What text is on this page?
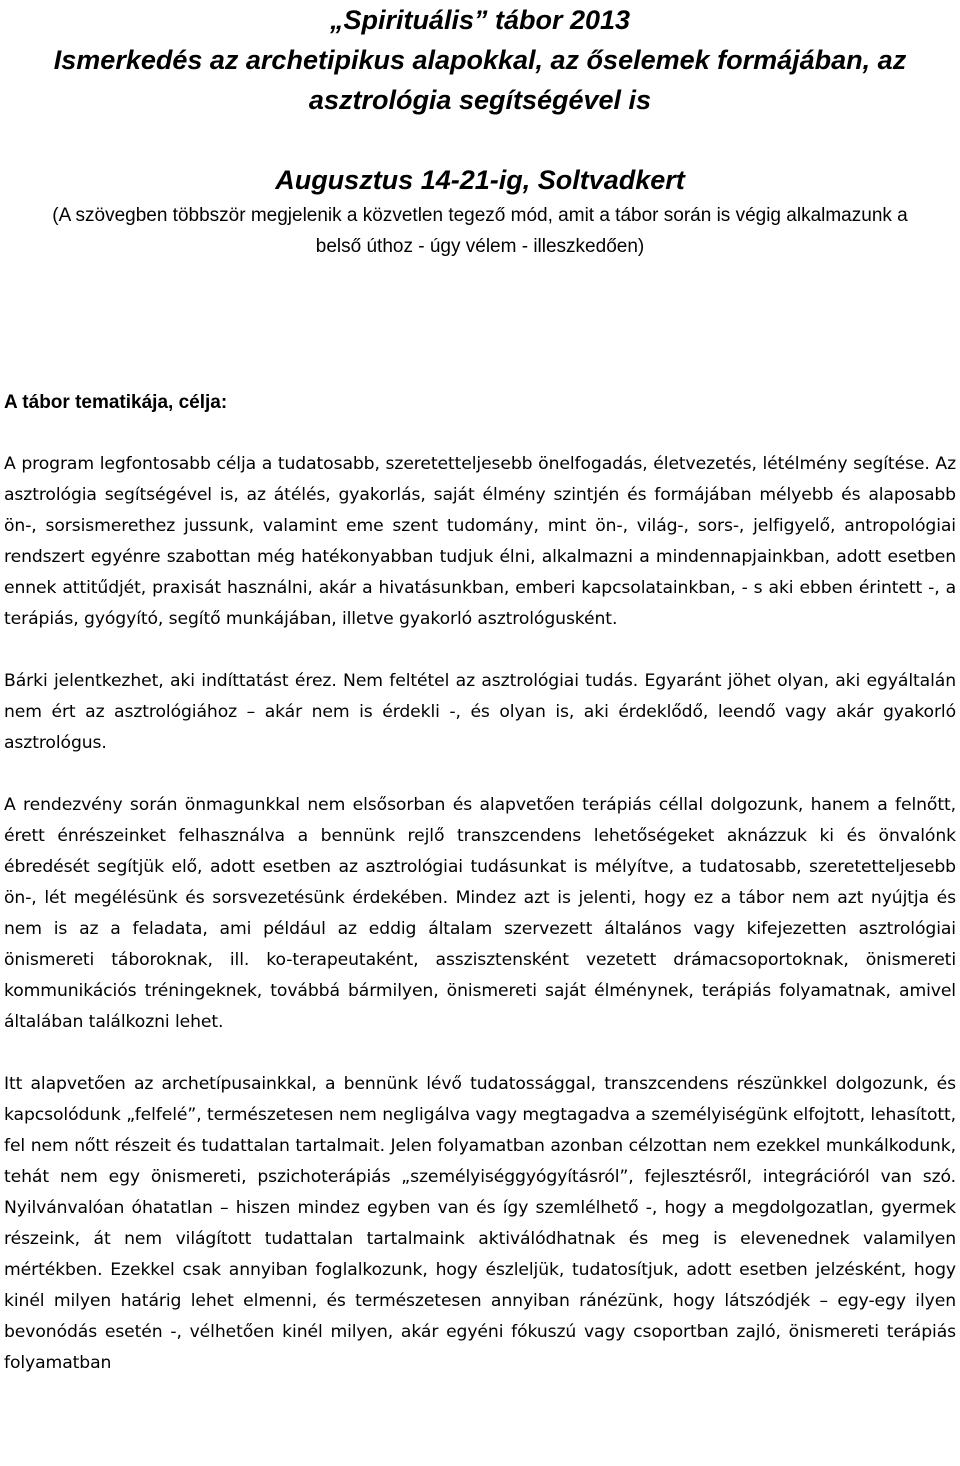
„Spirituális” tábor 2013
Ismerkedés az archetipikus alapokkal, az őselemek formájában, az
asztrológia segítségével is
Augusztus 14-21-ig, Soltvadkert
(A szövegben többször megjelenik a közvetlen tegező mód, amit a tábor során is végig alkalmazunk a belső úthoz - úgy vélem - illeszkedően)
A tábor tematikája, célja:

A program legfontosabb célja a tudatosabb, szeretetteljesebb önelfogadás, életvezetés, létélmény segítése. Az asztrológia segítségével is, az átélés, gyakorlás, saját élmény szintjén és formájában mélyebb és alaposabb ön-, sorsismerethez jussunk, valamint eme szent tudomány, mint ön-, világ-, sors-, jelfigyelő, antropológiai rendszert egyénre szabottan még hatékonyabban tudjuk élni, alkalmazni a mindennapjainkban, adott esetben ennek attitűdjét, praxisát használni, akár a hivatásunkban, emberi kapcsolatainkban, - s aki ebben érintett -, a terápiás, gyógyító, segítő munkájában, illetve gyakorló asztrológusként.

Bárki jelentkezhet, aki indíttatást érez. Nem feltétel az asztrológiai tudás. Egyaránt jöhet olyan, aki egyáltalán nem ért az asztrológiához – akár nem is érdekli -, és olyan is, aki érdeklődő, leendő vagy akár gyakorló asztrológus.

A rendezvény során önmagunkkal nem elsősorban és alapvetően terápiás céllal dolgozunk, hanem a felnőtt, érett énrészeinket felhasználva a bennünk rejlő transzcendens lehetőségeket aknázzuk ki és önvalónk ébredését segítjük elő, adott esetben az asztrológiai tudásunkat is mélyítve, a tudatosabb, szeretetteljesebb ön-, lét megélésünk és sorsvezetésünk érdekében. Mindez azt is jelenti, hogy ez a tábor nem azt nyújtja és nem is az a feladata, ami például az eddig általam szervezett általános vagy kifejezetten asztrológiai önismereti táboroknak, ill. ko-terapeutaként, asszisztensként vezetett drámacsoportoknak, önismereti kommunikációs tréningeknek, továbbá bármilyen, önismereti saját élménynek, terápiás folyamatnak, amivel általában találkozni lehet.

Itt alapvetően az archetípusainkkal, a bennünk lévő tudatossággal, transzcendens részünkkel dolgozunk, és kapcsolódunk „felfelé”, természetesen nem negligálva vagy megtagadva a személyiségünk elfojtott, lehasított, fel nem nőtt részeit és tudattalan tartalmait. Jelen folyamatban azonban célzottan nem ezekkel munkálkodunk, tehát nem egy önismereti, pszichoterápiás „személyiséggyógyításról”, fejlesztésről, integrációról van szó. Nyilvánvalóan óhatatlan – hiszen mindez egyben van és így szemlélhető -, hogy a megdolgozatlan, gyermek részeink, át nem világított tudattalan tartalmaink aktiválódhatnak és meg is elevenednek valamilyen mértékben. Ezekkel csak annyiban foglalkozunk, hogy észleljük, tudatosítjuk, adott esetben jelzésként, hogy kinél milyen határig lehet elmenni, és természetesen annyiban ránézünk, hogy látszódjék – egy-egy ilyen bevonódás esetén -, vélhetően kinél milyen, akár egyéni fókuszú vagy csoportban zajló, önismereti terápiás folyamatban
